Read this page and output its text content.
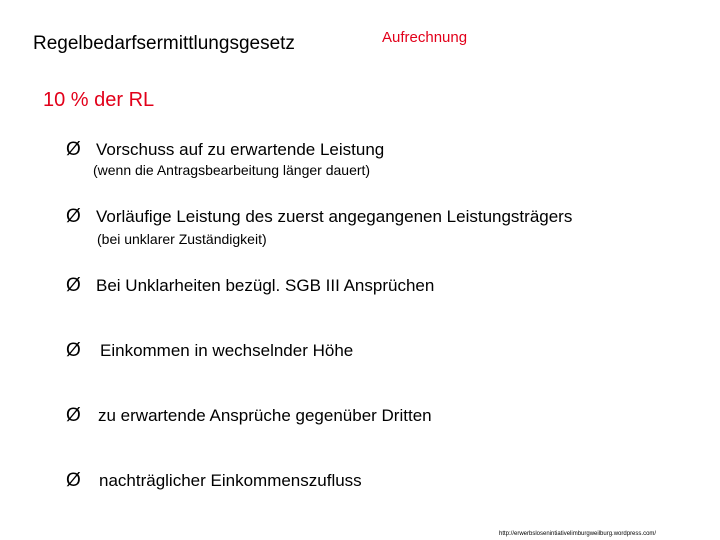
Regelbedarfsermittlungsgesetz	Aufrechnung
10 % der RL
Ø Vorschuss auf zu erwartende Leistung
(wenn die Antragsbearbeitung länger dauert)
Ø Vorläufige Leistung des zuerst angegangenen Leistungsträgers
(bei unklarer Zuständigkeit)
Ø Bei Unklarheiten bezügl. SGB III Ansprüchen
Ø Einkommen in wechselnder Höhe
Ø zu erwartende Ansprüche gegenüber Dritten
Ø nachträglicher Einkommenszufluss
http://erwerbslosenintiativelimburgweilburg.wordpress.com/
